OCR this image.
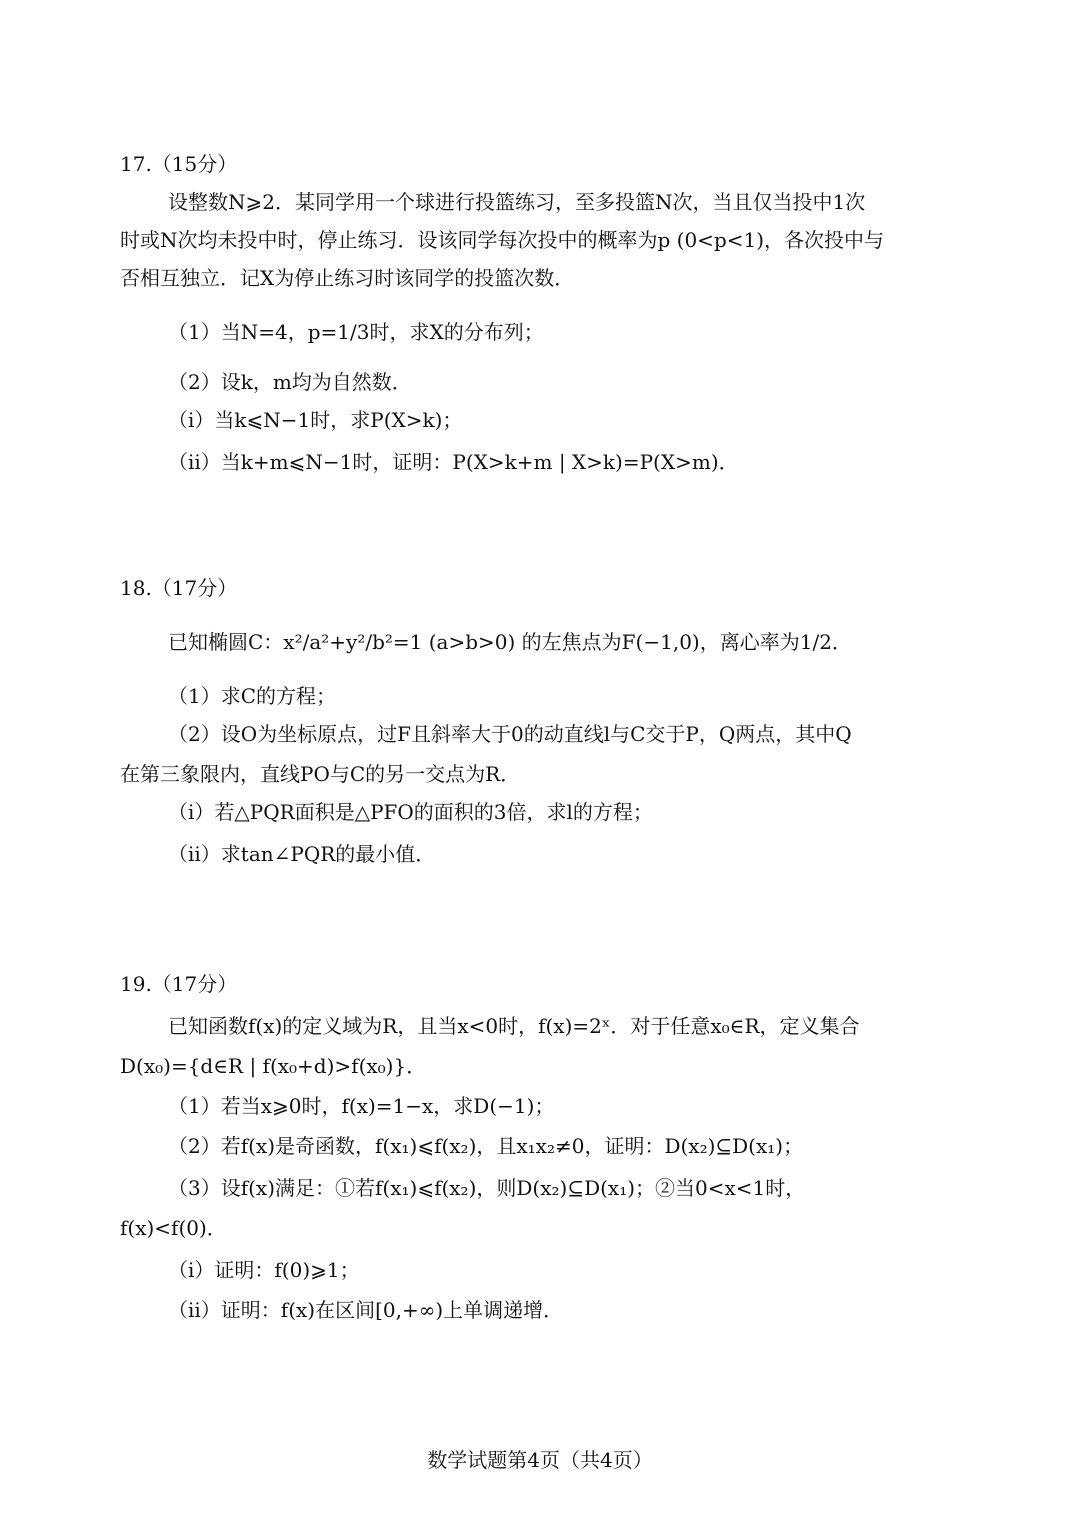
17.（15分）
设整数N⩾2．某同学用一个球进行投篮练习，至多投篮N次，当且仅当投中1次
时或N次均未投中时，停止练习．设该同学每次投中的概率为p (0<p<1)，各次投中与
否相互独立．记X为停止练习时该同学的投篮次数．
（1）当N=4，p=1/3时，求X的分布列；
（2）设k，m均为自然数．
（ⅰ）当k⩽N−1时，求P(X>k)；
（ⅱ）当k+m⩽N−1时，证明：P(X>k+m | X>k)=P(X>m)．
18.（17分）
已知椭圆C：x²/a²+y²/b²=1 (a>b>0) 的左焦点为F(−1,0)，离心率为1/2．
（1）求C的方程；
（2）设O为坐标原点，过F且斜率大于0的动直线l与C交于P，Q两点，其中Q
在第三象限内，直线PO与C的另一交点为R．
（ⅰ）若△PQR面积是△PFO的面积的3倍，求l的方程；
（ⅱ）求tan∠PQR的最小值．
19.（17分）
已知函数f(x)的定义域为R，且当x<0时，f(x)=2ˣ．对于任意x₀∈R，定义集合
D(x₀)={d∈R | f(x₀+d)>f(x₀)}．
（1）若当x⩾0时，f(x)=1−x，求D(−1)；
（2）若f(x)是奇函数，f(x₁)⩽f(x₂)，且x₁x₂≠0，证明：D(x₂)⊆D(x₁)；
（3）设f(x)满足：①若f(x₁)⩽f(x₂)，则D(x₂)⊆D(x₁)；②当0<x<1时，
f(x)<f(0)．
（ⅰ）证明：f(0)⩾1；
（ⅱ）证明：f(x)在区间[0,+∞)上单调递增．
数学试题第4页（共4页）
